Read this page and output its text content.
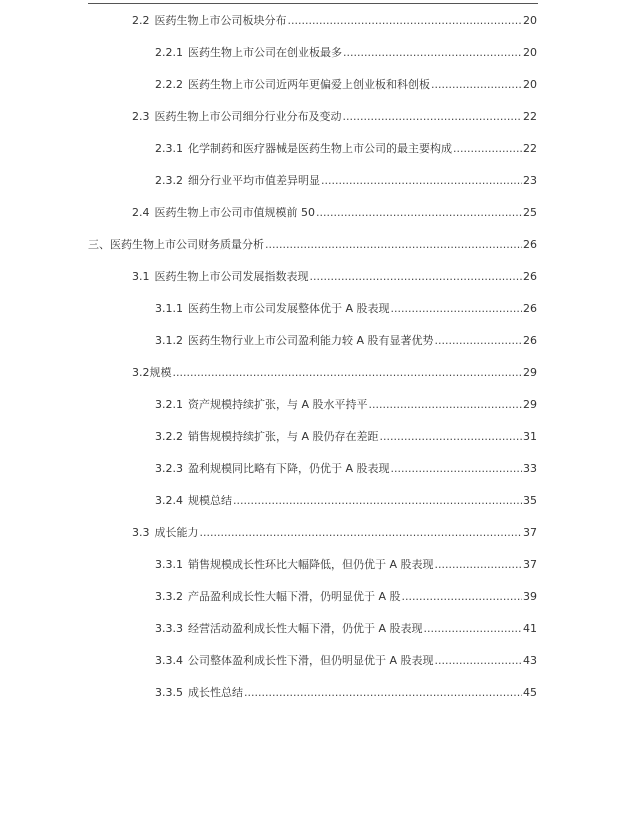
2.2 医药生物上市公司板块分布 .....	20
2.2.1 医药生物上市公司在创业板最多 .....	20
2.2.2 医药生物上市公司近两年更偏爱上创业板和科创板 .....	20
2.3 医药生物上市公司细分行业分布及变动 .....	22
2.3.1 化学制药和医疗器械是医药生物上市公司的最主要构成 .....	22
2.3.2 细分行业平均市值差异明显 .....	23
2.4 医药生物上市公司市值规模前 50 .....	25
三、 医药生物上市公司财务质量分析 .....	26
3.1 医药生物上市公司发展指数表现 .....	26
3.1.1 医药生物上市公司发展整体优于 A 股表现 .....	26
3.1.2 医药生物行业上市公司盈利能力较 A 股有显著优势 .....	26
3.2 规模 .....	29
3.2.1 资产规模持续扩张，与 A 股水平持平 .....	29
3.2.2 销售规模持续扩张，与 A 股仍存在差距 .....	31
3.2.3 盈利规模同比略有下降，仍优于 A 股表现 .....	33
3.2.4 规模总结 .....	35
3.3 成长能力 .....	37
3.3.1 销售规模成长性环比大幅降低，但仍优于 A 股表现 .....	37
3.3.2 产品盈利成长性大幅下滑，仍明显优于 A 股 .....	39
3.3.3 经营活动盈利成长性大幅下滑，仍优于 A 股表现 .....	41
3.3.4 公司整体盈利成长性下滑，但仍明显优于 A 股表现 .....	43
3.3.5 成长性总结 .....	45
